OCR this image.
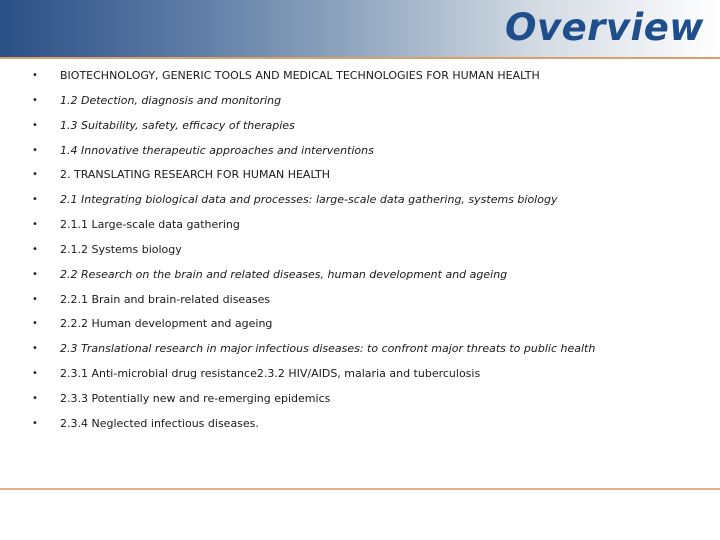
Overview
• BIOTECHNOLOGY, GENERIC TOOLS AND MEDICAL TECHNOLOGIES FOR HUMAN HEALTH
• 1.2 Detection, diagnosis and monitoring
• 1.3 Suitability, safety, efficacy of therapies
• 1.4 Innovative therapeutic approaches and interventions
• 2. TRANSLATING RESEARCH FOR HUMAN HEALTH
• 2.1 Integrating biological data and processes: large-scale data gathering, systems biology
• 2.1.1 Large-scale data gathering
• 2.1.2 Systems biology
• 2.2 Research on the brain and related diseases, human development and ageing
• 2.2.1 Brain and brain-related diseases
• 2.2.2 Human development and ageing
• 2.3 Translational research in major infectious diseases: to confront major threats to public health
• 2.3.1 Anti-microbial drug resistance2.3.2 HIV/AIDS, malaria and tuberculosis
• 2.3.3 Potentially new and re-emerging epidemics
• 2.3.4 Neglected infectious diseases.
